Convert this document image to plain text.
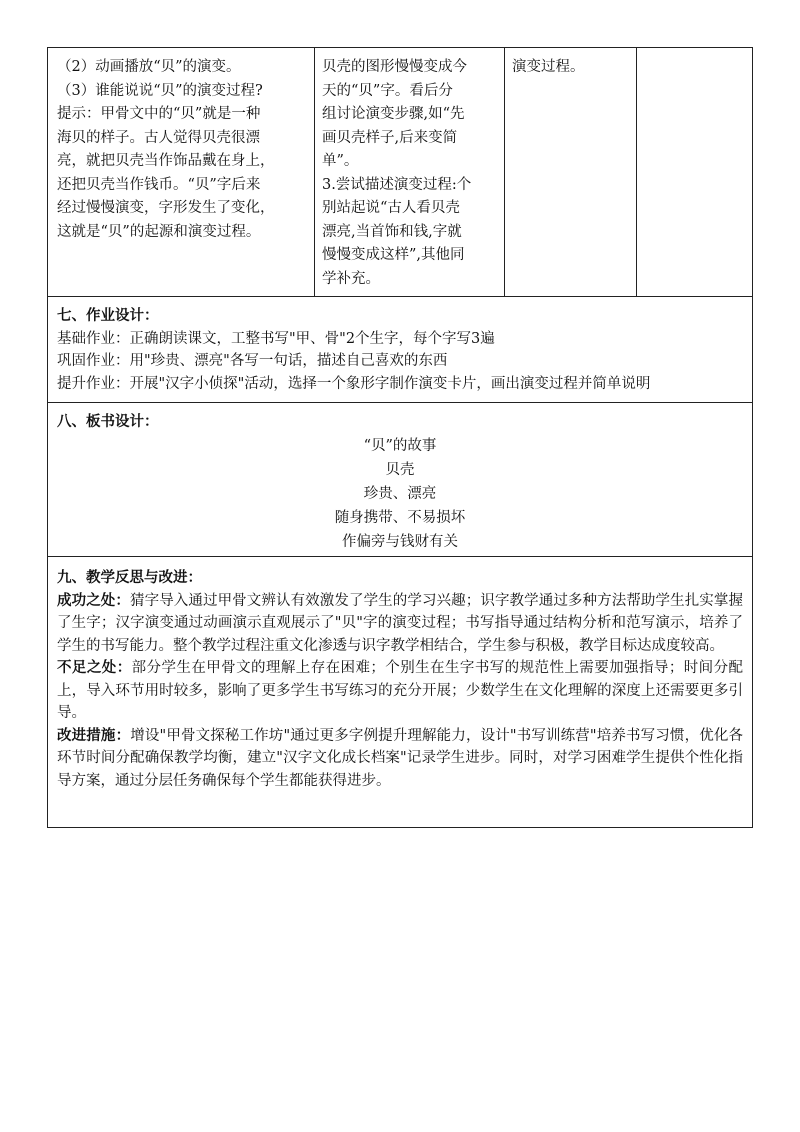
（2）动画播放“贝”的演变。

（3）谁能说说“贝”的演变过程?

提示：甲骨文中的“贝”就是一种

海贝的样子。古人觉得贝壳很漂

亮，就把贝壳当作饰品戴在身上，

还把贝壳当作钱币。“贝”字后来

经过慢慢演变，字形发生了变化，

这就是“贝”的起源和演变过程。

贝壳的图形慢慢变成今

天的“贝”字。看后分

组讨论演变步骤,如“先

画贝壳样子,后来变简

单”。

3.尝试描述演变过程:个

别站起说“古人看贝壳

漂亮,当首饰和钱,字就

慢慢变成这样”,其他同

学补充。

演变过程。

七、作业设计：
基础作业：正确朗读课文，工整书写"甲、骨"2个生字，每个字写3遍
巩固作业：用"珍贵、漂亮"各写一句话，描述自己喜欢的东西
提升作业：开展"汉字小侦探"活动，选择一个象形字制作演变卡片，画出演变过程并简单说明
八、板书设计：
“贝”的故事
贝壳
珍贵、漂亮
随身携带、不易损坏
作偏旁与钱财有关
九、教学反思与改进：

成功之处：猜字导入通过甲骨文辨认有效激发了学生的学习兴趣；识字教学通过多种方法帮助学生扎实掌握了生字；汉字演变通过动画演示直观展示了"贝"字的演变过程；书写指导通过结构分析和范写演示，培养了学生的书写能力。整个教学过程注重文化渗透与识字教学相结合，学生参与积极，教学目标达成度较高。

不足之处：部分学生在甲骨文的理解上存在困难；个别生在生字书写的规范性上需要加强指导；时间分配上，导入环节用时较多，影响了更多学生书写练习的充分开展；少数学生在文化理解的深度上还需要更多引导。

改进措施：增设"甲骨文探秘工作坊"通过更多字例提升理解能力，设计"书写训练营"培养书写习惯，优化各环节时间分配确保教学均衡，建立"汉字文化成长档案"记录学生进步。同时，对学习困难学生提供个性化指导方案，通过分层任务确保每个学生都能获得进步。
